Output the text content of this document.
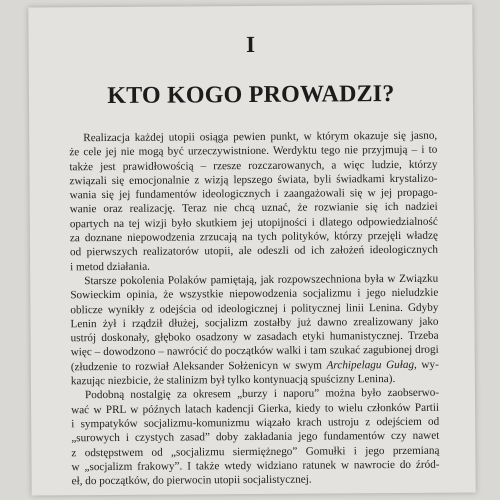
I
KTO KOGO PROWADZI?
Realizacja każdej utopii osiąga pewien punkt, w którym okazuje się jasno,
że cele jej nie mogą być urzeczywistnione. Werdyktu tego nie przyjmują – i to
także jest prawidłowością – rzesze rozczarowanych, a więc ludzie, którzy
związali się emocjonalnie z wizją lepszego świata, byli świadkami krystalizo-
wania się jej fundamentów ideologicznych i zaangażowali się w jej propago-
wanie oraz realizację. Teraz nie chcą uznać, że rozwianie się ich nadziei
opartych na tej wizji było skutkiem jej utopijności i dlatego odpowiedzialność
za doznane niepowodzenia zrzucają na tych polityków, którzy przejęli władzę
od pierwszych realizatorów utopii, ale odeszli od ich założeń ideologicznych
i metod działania.
Starsze pokolenia Polaków pamiętają, jak rozpowszechniona była w Związku
Sowieckim opinia, że wszystkie niepowodzenia socjalizmu i jego nieludzkie
oblicze wynikły z odejścia od ideologicznej i politycznej linii Lenina. Gdyby
Lenin żył i rządził dłużej, socjalizm zostałby już dawno zrealizowany jako
ustrój doskonały, głęboko osadzony w zasadach etyki humanistycznej. Trzeba
więc – dowodzono – nawrócić do początków walki i tam szukać zagubionej drogi
(złudzenie to rozwiał Aleksander Sołżenicyn w swym Archipelagu Gułag, wy-
kazując niezbicie, że stalinizm był tylko kontynuacją spuścizny Lenina).
Podobną nostalgię za okresem „burzy i naporu” można było zaobserwo-
wać w PRL w późnych latach kadencji Gierka, kiedy to wielu członków Partii
i sympatyków socjalizmu-komunizmu wiązało krach ustroju z odejściem od
„surowych i czystych zasad” doby zakładania jego fundamentów czy nawet
z odstępstwem od „socjalizmu siermiężnego” Gomułki i jego przemianą
w „socjalizm frakowy”. I także wtedy widziano ratunek w nawrocie do źród-
eł, do początków, do pierwocin utopii socjalistycznej.
